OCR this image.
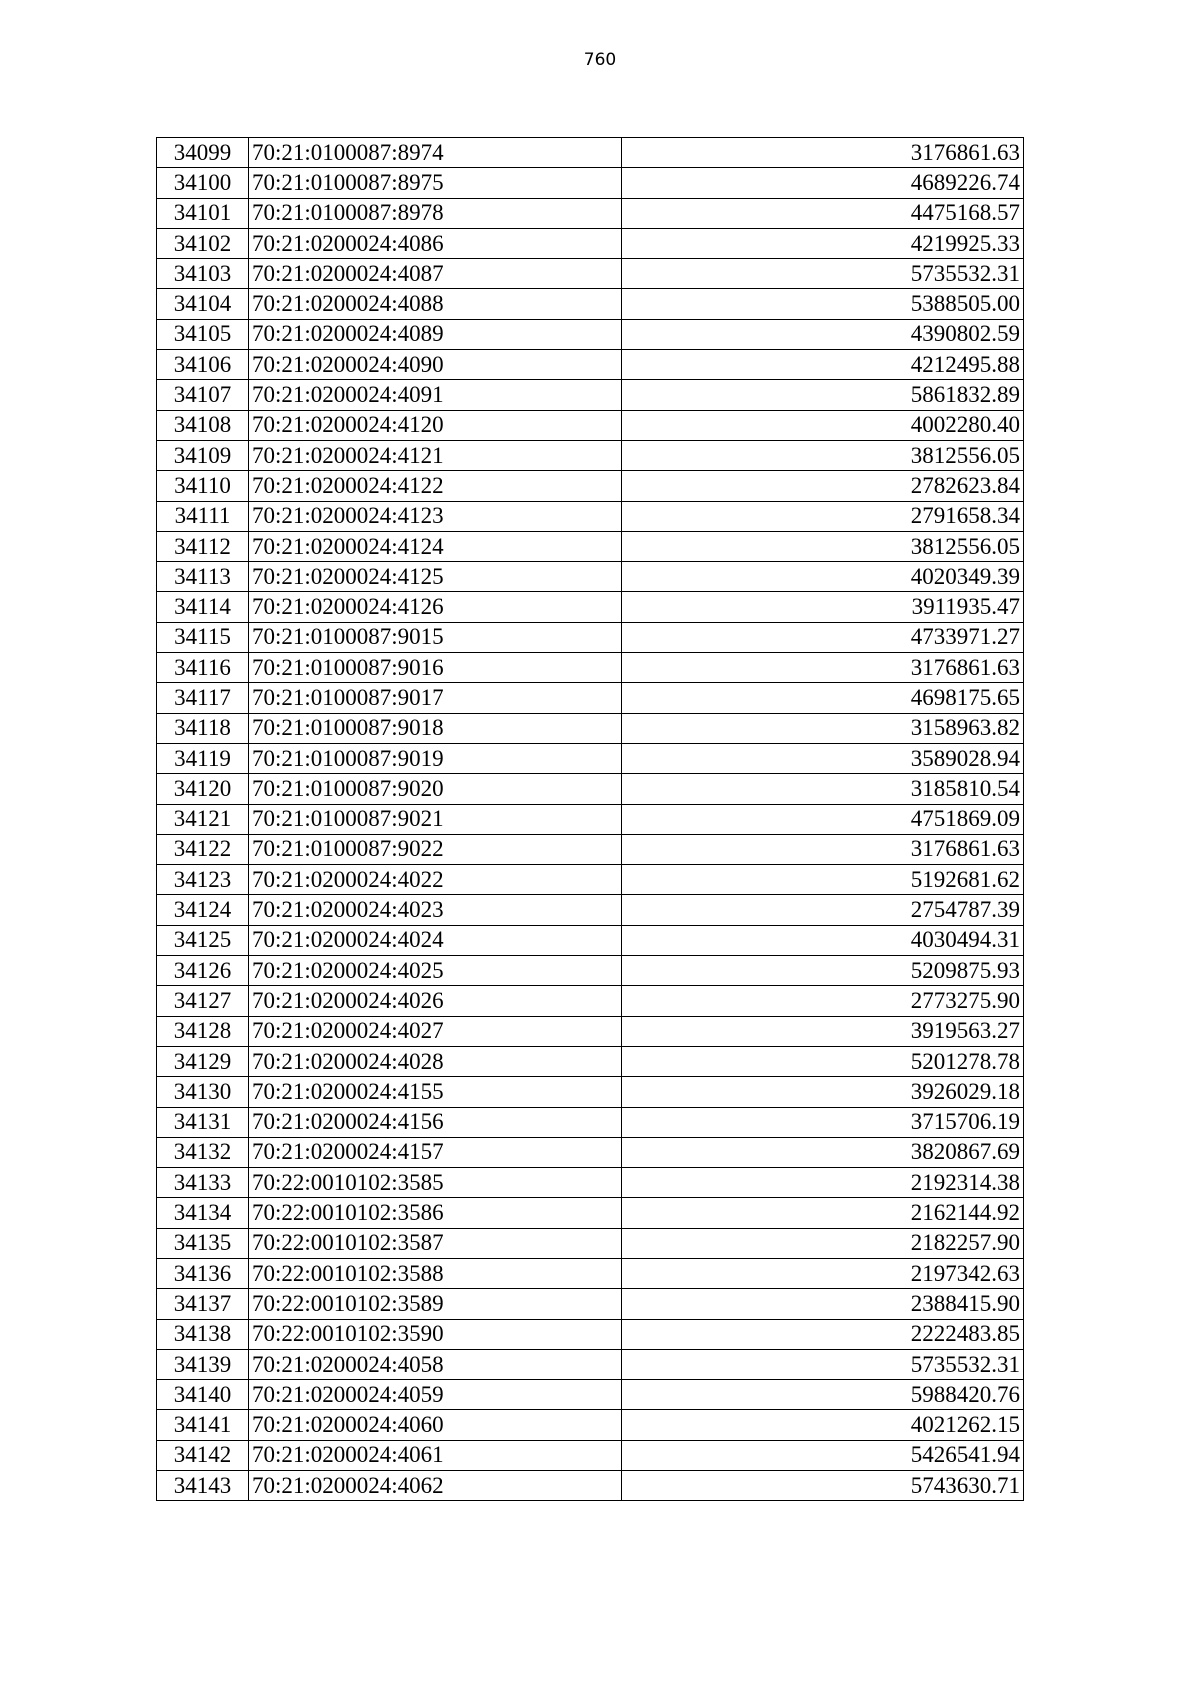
760
34099	70:21:0100087:8974	3176861.63
34100	70:21:0100087:8975	4689226.74
34101	70:21:0100087:8978	4475168.57
34102	70:21:0200024:4086	4219925.33
34103	70:21:0200024:4087	5735532.31
34104	70:21:0200024:4088	5388505.00
34105	70:21:0200024:4089	4390802.59
34106	70:21:0200024:4090	4212495.88
34107	70:21:0200024:4091	5861832.89
34108	70:21:0200024:4120	4002280.40
34109	70:21:0200024:4121	3812556.05
34110	70:21:0200024:4122	2782623.84
34111	70:21:0200024:4123	2791658.34
34112	70:21:0200024:4124	3812556.05
34113	70:21:0200024:4125	4020349.39
34114	70:21:0200024:4126	3911935.47
34115	70:21:0100087:9015	4733971.27
34116	70:21:0100087:9016	3176861.63
34117	70:21:0100087:9017	4698175.65
34118	70:21:0100087:9018	3158963.82
34119	70:21:0100087:9019	3589028.94
34120	70:21:0100087:9020	3185810.54
34121	70:21:0100087:9021	4751869.09
34122	70:21:0100087:9022	3176861.63
34123	70:21:0200024:4022	5192681.62
34124	70:21:0200024:4023	2754787.39
34125	70:21:0200024:4024	4030494.31
34126	70:21:0200024:4025	5209875.93
34127	70:21:0200024:4026	2773275.90
34128	70:21:0200024:4027	3919563.27
34129	70:21:0200024:4028	5201278.78
34130	70:21:0200024:4155	3926029.18
34131	70:21:0200024:4156	3715706.19
34132	70:21:0200024:4157	3820867.69
34133	70:22:0010102:3585	2192314.38
34134	70:22:0010102:3586	2162144.92
34135	70:22:0010102:3587	2182257.90
34136	70:22:0010102:3588	2197342.63
34137	70:22:0010102:3589	2388415.90
34138	70:22:0010102:3590	2222483.85
34139	70:21:0200024:4058	5735532.31
34140	70:21:0200024:4059	5988420.76
34141	70:21:0200024:4060	4021262.15
34142	70:21:0200024:4061	5426541.94
34143	70:21:0200024:4062	5743630.71
